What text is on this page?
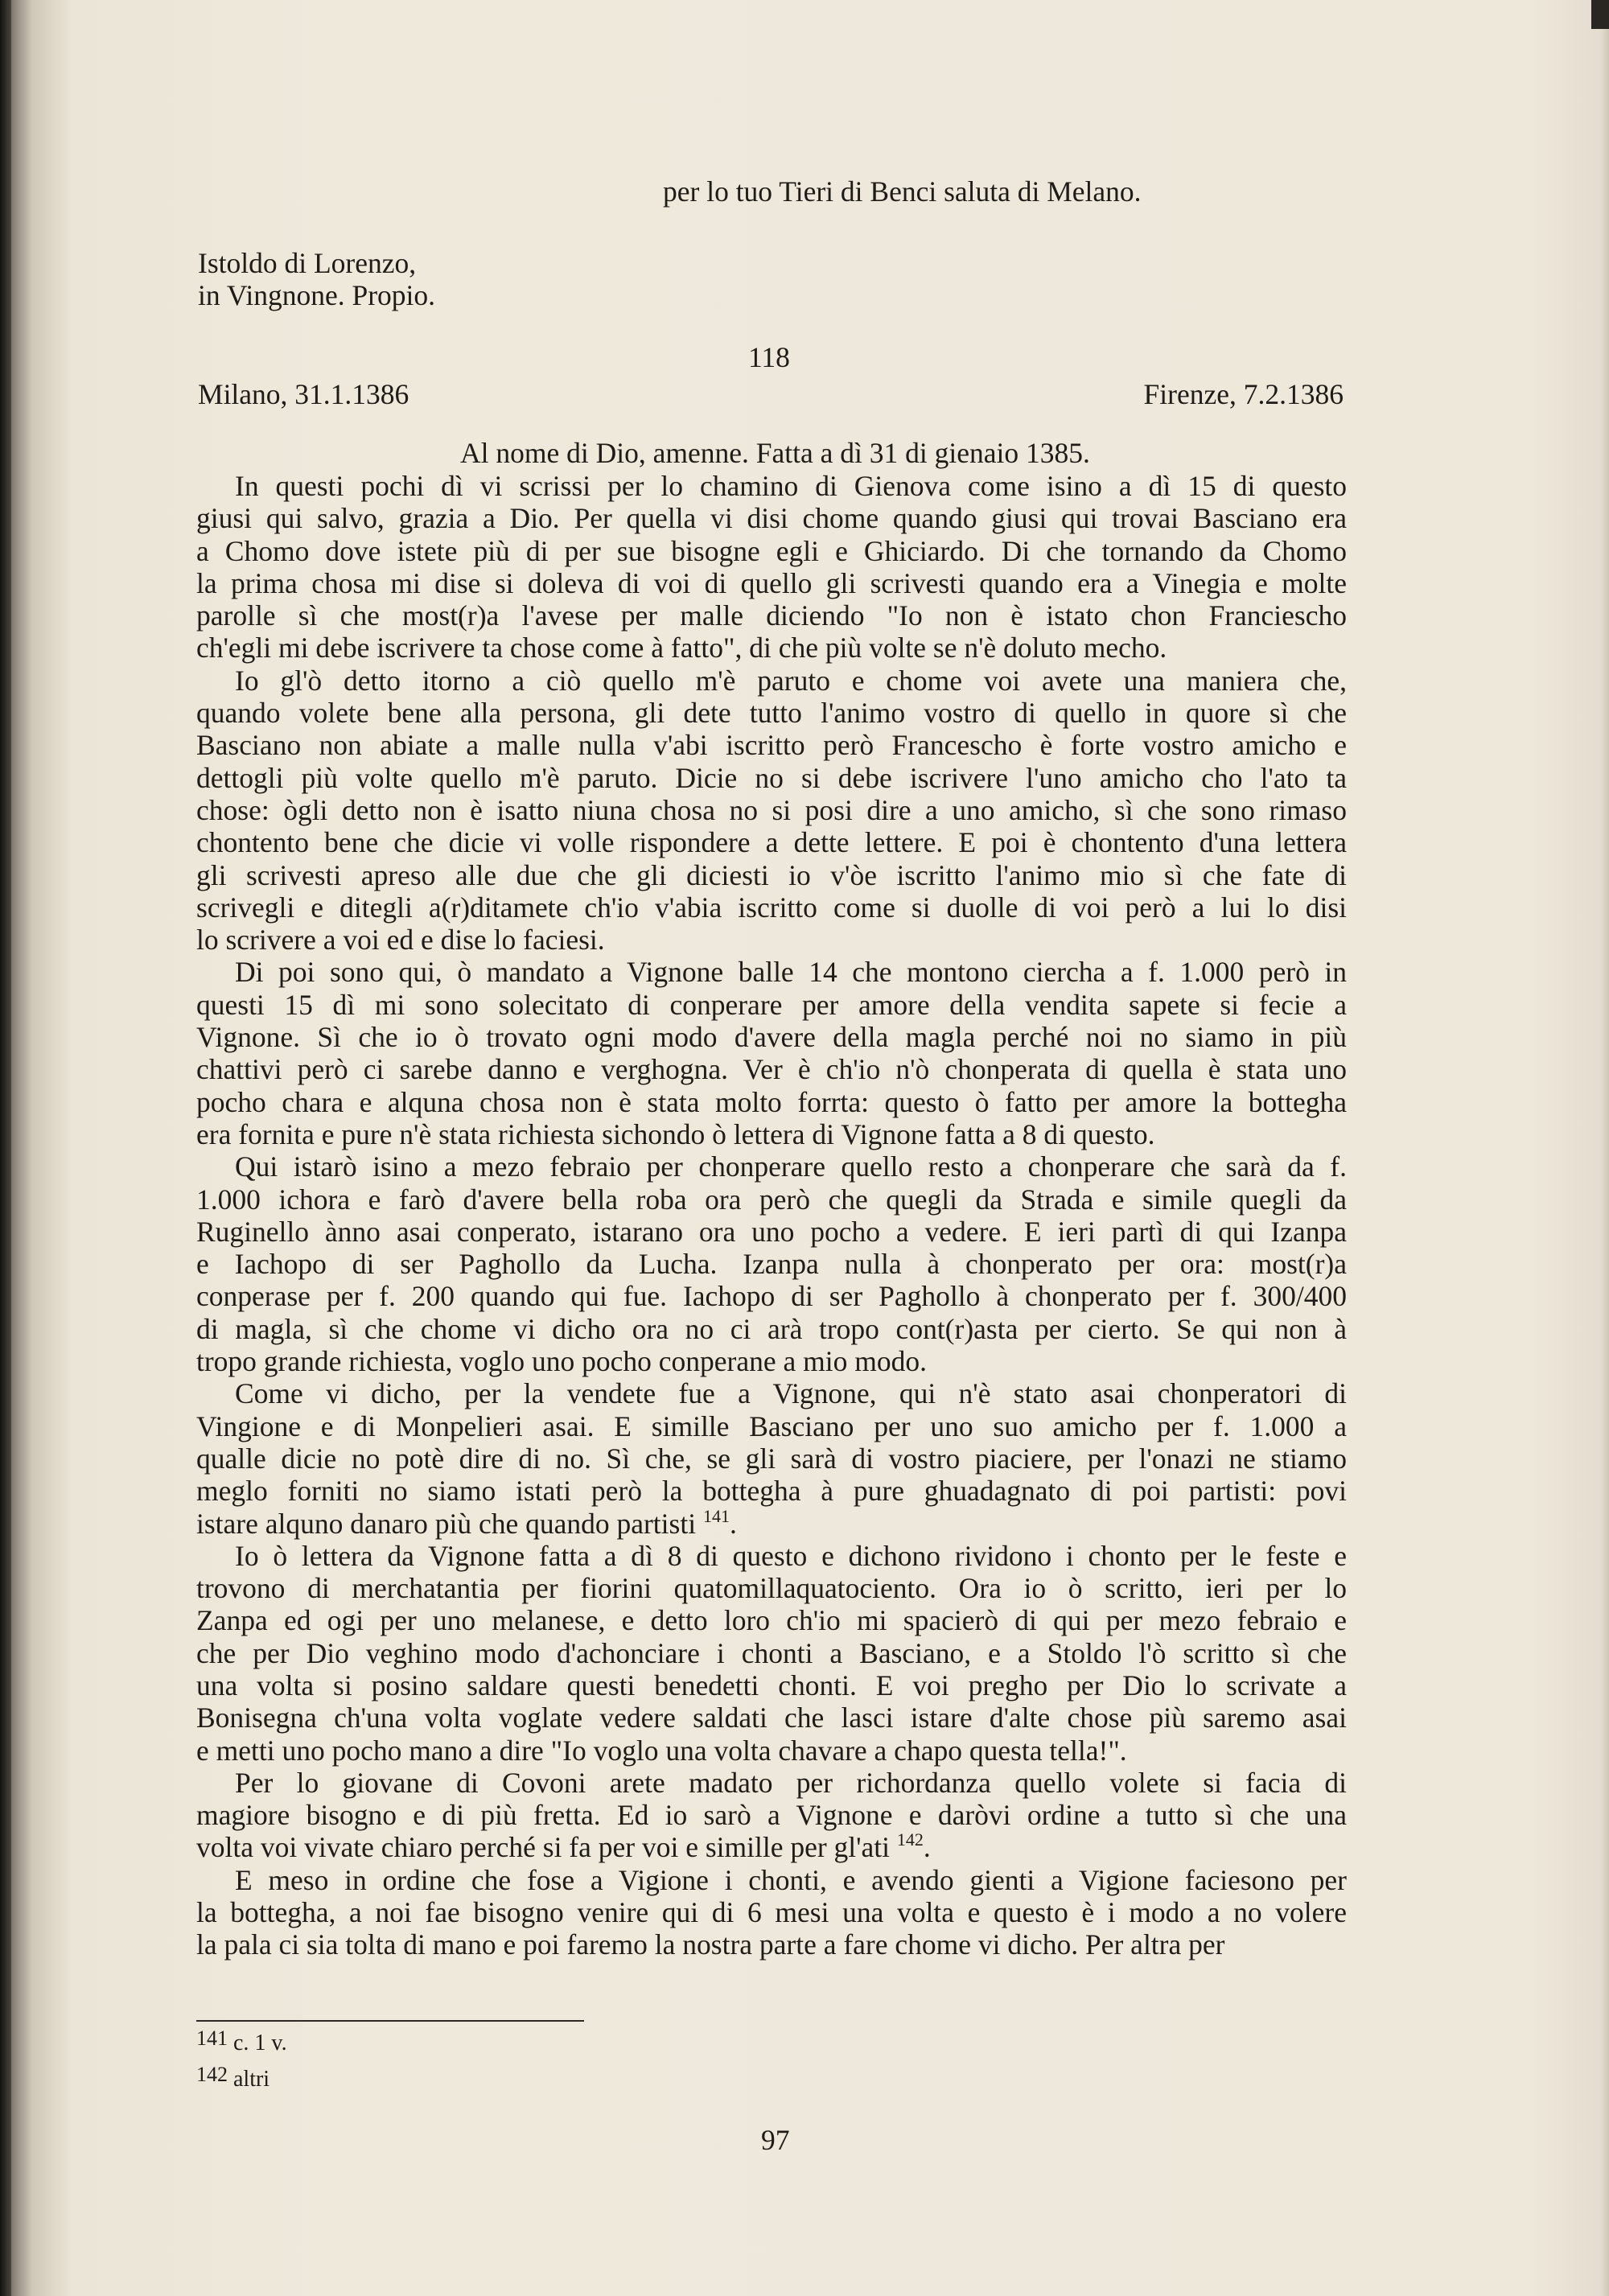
per lo tuo Tieri di Benci saluta di Melano.
Istoldo di Lorenzo,
in Vingnone. Propio.
118
Milano, 31.1.1386	Firenze, 7.2.1386
Al nome di Dio, amenne. Fatta a dì 31 di gienaio 1385.
In questi pochi dì vi scrissi per lo chamino di Gienova come isino a dì 15 di questo
giusi qui salvo, grazia a Dio. Per quella vi disi chome quando giusi qui trovai Basciano era
a Chomo dove istete più di per sue bisogne egli e Ghiciardo. Di che tornando da Chomo
la prima chosa mi dise si doleva di voi di quello gli scrivesti quando era a Vinegia e molte
parolle sì che most(r)a l'avese per malle diciendo "Io non è istato chon Franciescho
ch'egli mi debe iscrivere ta chose come à fatto", di che più volte se n'è doluto mecho.
Io gl'ò detto itorno a ciò quello m'è paruto e chome voi avete una maniera che,
quando volete bene alla persona, gli dete tutto l'animo vostro di quello in quore sì che
Basciano non abiate a malle nulla v'abi iscritto però Francescho è forte vostro amicho e
dettogli più volte quello m'è paruto. Dicie no si debe iscrivere l'uno amicho cho l'ato ta
chose: ògli detto non è isatto niuna chosa no si posi dire a uno amicho, sì che sono rimaso
chontento bene che dicie vi volle rispondere a dette lettere. E poi è chontento d'una lettera
gli scrivesti apreso alle due che gli diciesti io v'òe iscritto l'animo mio sì che fate di
scrivegli e ditegli a(r)ditamete ch'io v'abia iscritto come si duolle di voi però a lui lo disi
lo scrivere a voi ed e dise lo faciesi.
Di poi sono qui, ò mandato a Vignone balle 14 che montono ciercha a f. 1.000 però in
questi 15 dì mi sono solecitato di conperare per amore della vendita sapete si fecie a
Vignone. Sì che io ò trovato ogni modo d'avere della magla perché noi no siamo in più
chattivi però ci sarebe danno e verghogna. Ver è ch'io n'ò chonperata di quella è stata uno
pocho chara e alquna chosa non è stata molto forrta: questo ò fatto per amore la bottegha
era fornita e pure n'è stata richiesta sichondo ò lettera di Vignone fatta a 8 di questo.
Qui istarò isino a mezo febraio per chonperare quello resto a chonperare che sarà da f.
1.000 ichora e farò d'avere bella roba ora però che quegli da Strada e simile quegli da
Ruginello ànno asai conperato, istarano ora uno pocho a vedere. E ieri partì di qui Izanpa
e Iachopo di ser Paghollo da Lucha. Izanpa nulla à chonperato per ora: most(r)a
conperase per f. 200 quando qui fue. Iachopo di ser Paghollo à chonperato per f. 300/400
di magla, sì che chome vi dicho ora no ci arà tropo cont(r)asta per cierto. Se qui non à
tropo grande richiesta, voglo uno pocho conperane a mio modo.
Come vi dicho, per la vendete fue a Vignone, qui n'è stato asai chonperatori di
Vingione e di Monpelieri asai. E simille Basciano per uno suo amicho per f. 1.000 a
qualle dicie no potè dire di no. Sì che, se gli sarà di vostro piaciere, per l'onazi ne stiamo
meglo forniti no siamo istati però la bottegha à pure ghuadagnato di poi partisti: povi
istare alquno danaro più che quando partisti $^{141}$.
Io ò lettera da Vignone fatta a dì 8 di questo e dichono rividono i chonto per le feste e
trovono di merchatantia per fiorini quatomillaquatociento. Ora io ò scritto, ieri per lo
Zanpa ed ogi per uno melanese, e detto loro ch'io mi spacierò di qui per mezo febraio e
che per Dio veghino modo d'achonciare i chonti a Basciano, e a Stoldo l'ò scritto sì che
una volta si posino saldare questi benedetti chonti. E voi pregho per Dio lo scrivate a
Bonisegna ch'una volta voglate vedere saldati che lasci istare d'alte chose più saremo asai
e metti uno pocho mano a dire "Io voglo una volta chavare a chapo questa tella!".
Per lo giovane di Covoni arete madato per richordanza quello volete si facia di
magiore bisogno e di più fretta. Ed io sarò a Vignone e daròvi ordine a tutto sì che una
volta voi vivate chiaro perché si fa per voi e simille per gl'ati $^{142}$.
E meso in ordine che fose a Vigione i chonti, e avendo gienti a Vigione faciesono per
la bottegha, a noi fae bisogno venire qui di 6 mesi una volta e questo è i modo a no volere
la pala ci sia tolta di mano e poi faremo la nostra parte a fare chome vi dicho. Per altra per
$^{141}$ c. 1 v.
$^{142}$ altri
97
